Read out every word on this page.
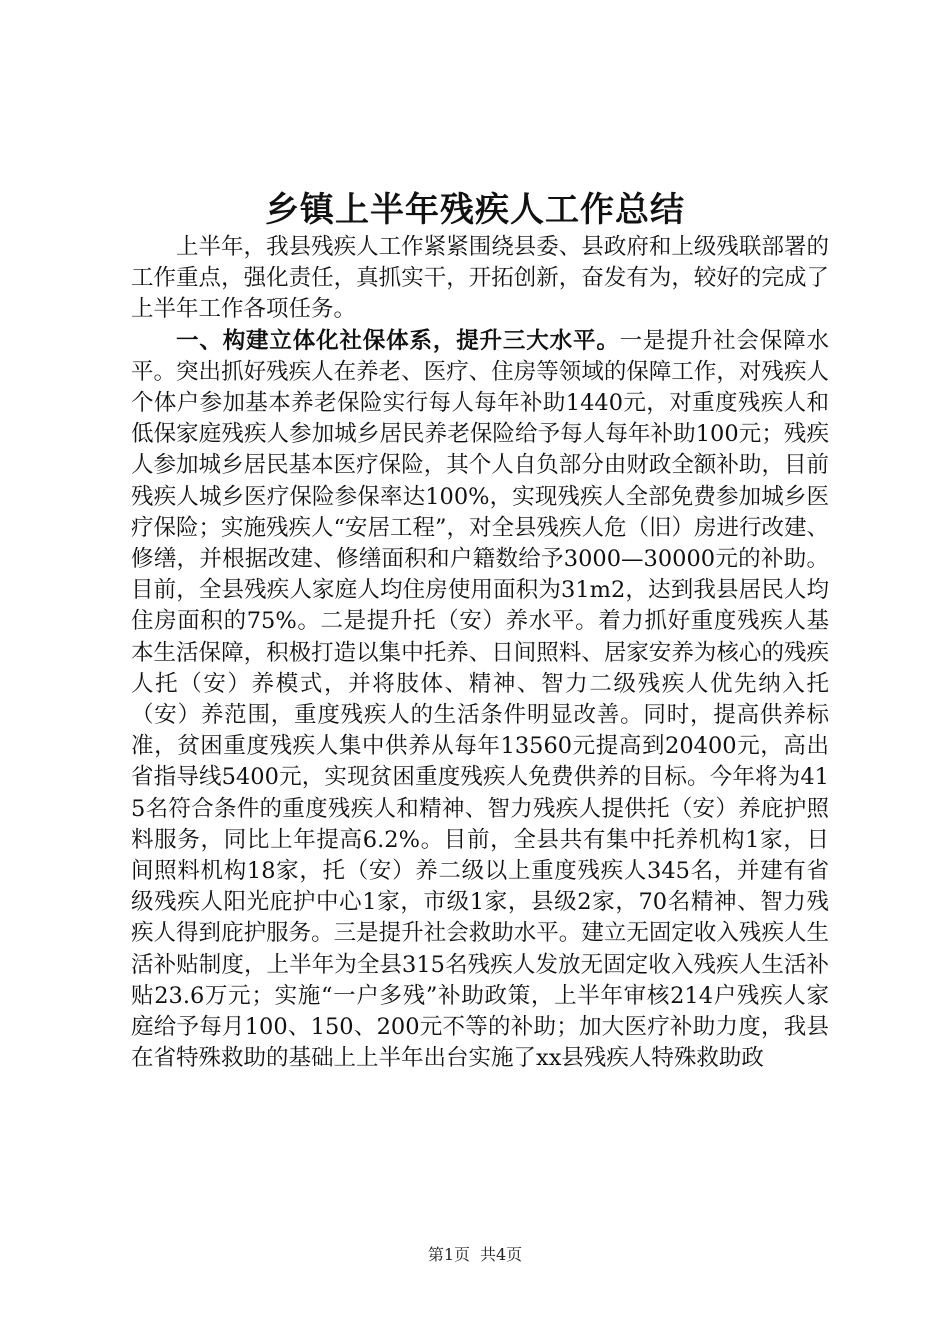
乡镇上半年残疾人工作总结

上半年，我县残疾人工作紧紧围绕县委、县政府和上级残联部署的工作重点，强化责任，真抓实干，开拓创新，奋发有为，较好的完成了上半年工作各项任务。

一、构建立体化社保体系，提升三大水平。一是提升社会保障水平。突出抓好残疾人在养老、医疗、住房等领域的保障工作，对残疾人个体户参加基本养老保险实行每人每年补助1440元，对重度残疾人和低保家庭残疾人参加城乡居民养老保险给予每人每年补助100元；残疾人参加城乡居民基本医疗保险，其个人自负部分由财政全额补助，目前残疾人城乡医疗保险参保率达100%，实现残疾人全部免费参加城乡医疗保险；实施残疾人“安居工程”，对全县残疾人危（旧）房进行改建、修缮，并根据改建、修缮面积和户籍数给予3000—30000元的补助。目前，全县残疾人家庭人均住房使用面积为31m2，达到我县居民人均住房面积的75%。二是提升托（安）养水平。着力抓好重度残疾人基本生活保障，积极打造以集中托养、日间照料、居家安养为核心的残疾人托（安）养模式，并将肢体、精神、智力二级残疾人优先纳入托（安）养范围，重度残疾人的生活条件明显改善。同时，提高供养标准，贫困重度残疾人集中供养从每年13560元提高到20400元，高出省指导线5400元，实现贫困重度残疾人免费供养的目标。今年将为415名符合条件的重度残疾人和精神、智力残疾人提供托（安）养庇护照料服务，同比上年提高6.2%。目前，全县共有集中托养机构1家，日间照料机构18家，托（安）养二级以上重度残疾人345名，并建有省级残疾人阳光庇护中心1家，市级1家，县级2家，70名精神、智力残疾人得到庇护服务。三是提升社会救助水平。建立无固定收入残疾人生活补贴制度，上半年为全县315名残疾人发放无固定收入残疾人生活补贴23.6万元；实施“一户多残”补助政策，上半年审核214户残疾人家庭给予每月100、150、200元不等的补助；加大医疗补助力度，我县在省特殊救助的基础上上半年出台实施了xx县残疾人特殊救助政

第1页 共4页
